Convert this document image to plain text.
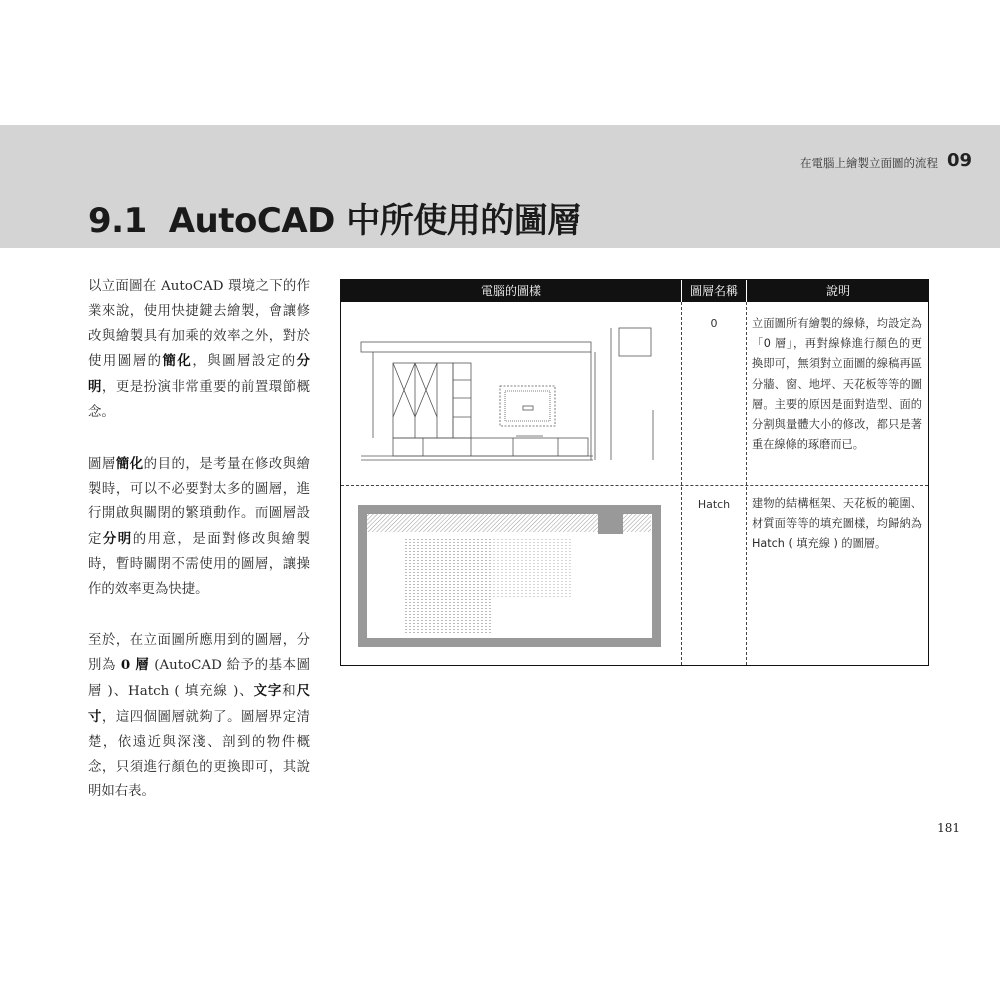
在電腦上繪製立面圖的流程 09
9.1 AutoCAD 中所使用的圖層

以立面圖在 AutoCAD 環境之下的作業來說，使用快捷鍵去繪製，會讓修改與繪製具有加乘的效率之外，對於使用圖層的簡化，與圖層設定的分明，更是扮演非常重要的前置環節概念。

圖層簡化的目的，是考量在修改與繪製時，可以不必要對太多的圖層，進行開啟與關閉的繁瑣動作。而圖層設定分明的用意，是面對修改與繪製時，暫時關閉不需使用的圖層，讓操作的效率更為快捷。

至於，在立面圖所應用到的圖層，分別為 0 層 (AutoCAD 給予的基本圖層 )、Hatch ( 填充線 )、文字和尺寸，這四個圖層就夠了。圖層界定清楚，依遠近與深淺、剖到的物件概念，只須進行顏色的更換即可，其說明如右表。

電腦的圖樣	圖層名稱	說明
0	立面圖所有繪製的線條，均設定為「0 層」，再對線條進行顏色的更換即可，無須對立面圖的線稿再區分牆、窗、地坪、天花板等等的圖層。主要的原因是面對造型、面的分割與量體大小的修改，都只是著重在線條的琢磨而已。
Hatch	建物的結構框架、天花板的範圍、材質面等等的填充圖樣，均歸納為 Hatch ( 填充線 ) 的圖層。
181
